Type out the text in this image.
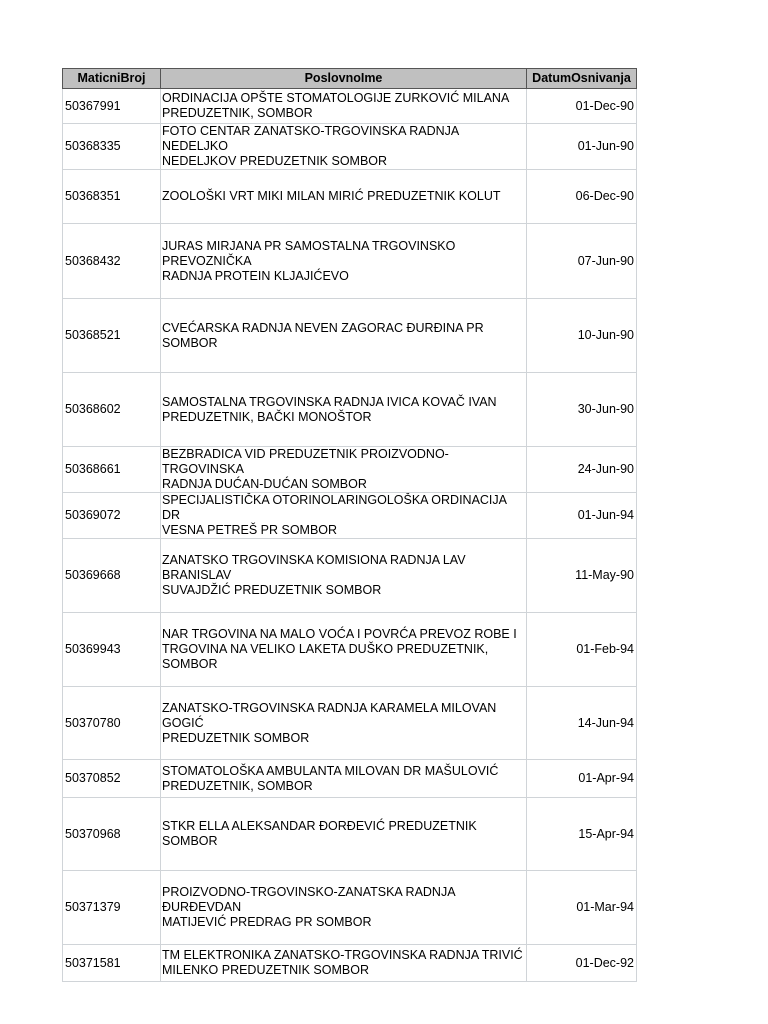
MaticniBroj	PoslovnoIme	DatumOsnivanja
50367991	ORDINACIJA OPŠTE STOMATOLOGIJE ZURKOVIĆ MILANA
PREDUZETNIK, SOMBOR	01-Dec-90
50368335	FOTO CENTAR ZANATSKO-TRGOVINSKA RADNJA NEDELJKO
NEDELJKOV PREDUZETNIK SOMBOR	01-Jun-90
50368351	ZOOLOŠKI VRT MIKI MILAN MIRIĆ PREDUZETNIK KOLUT	06-Dec-90
50368432	JURAS MIRJANA PR SAMOSTALNA TRGOVINSKO PREVOZNIČKA
RADNJA PROTEIN KLJAJIĆEVO	07-Jun-90
50368521	CVEĆARSKA RADNJA NEVEN ZAGORAC ĐURĐINA PR SOMBOR	10-Jun-90
50368602	SAMOSTALNA TRGOVINSKA RADNJA IVICA KOVAČ IVAN
PREDUZETNIK, BAČKI MONOŠTOR	30-Jun-90
50368661	BEZBRADICA VID PREDUZETNIK PROIZVODNO-TRGOVINSKA
RADNJA DUĆAN-DUĆAN SOMBOR	24-Jun-90
50369072	SPECIJALISTIČKA OTORINOLARINGOLOŠKA ORDINACIJA DR
VESNA PETREŠ PR SOMBOR	01-Jun-94
50369668	ZANATSKO TRGOVINSKA KOMISIONA RADNJA LAV BRANISLAV
SUVAJDŽIĆ PREDUZETNIK SOMBOR	11-May-90
50369943	NAR TRGOVINA NA MALO VOĆA I POVRĆA PREVOZ ROBE I
TRGOVINA NA VELIKO LAKETA DUŠKO PREDUZETNIK, SOMBOR	01-Feb-94
50370780	ZANATSKO-TRGOVINSKA RADNJA KARAMELA MILOVAN GOGIĆ
PREDUZETNIK SOMBOR	14-Jun-94
50370852	STOMATOLOŠKA AMBULANTA MILOVAN DR MAŠULOVIĆ
PREDUZETNIK, SOMBOR	01-Apr-94
50370968	STKR ELLA ALEKSANDAR ĐORĐEVIĆ PREDUZETNIK SOMBOR	15-Apr-94
50371379	PROIZVODNO-TRGOVINSKO-ZANATSKA RADNJA ĐURĐEVDAN
MATIJEVIĆ PREDRAG PR SOMBOR	01-Mar-94
50371581	TM ELEKTRONIKA ZANATSKO-TRGOVINSKA RADNJA TRIVIĆ
MILENKO PREDUZETNIK SOMBOR	01-Dec-92
